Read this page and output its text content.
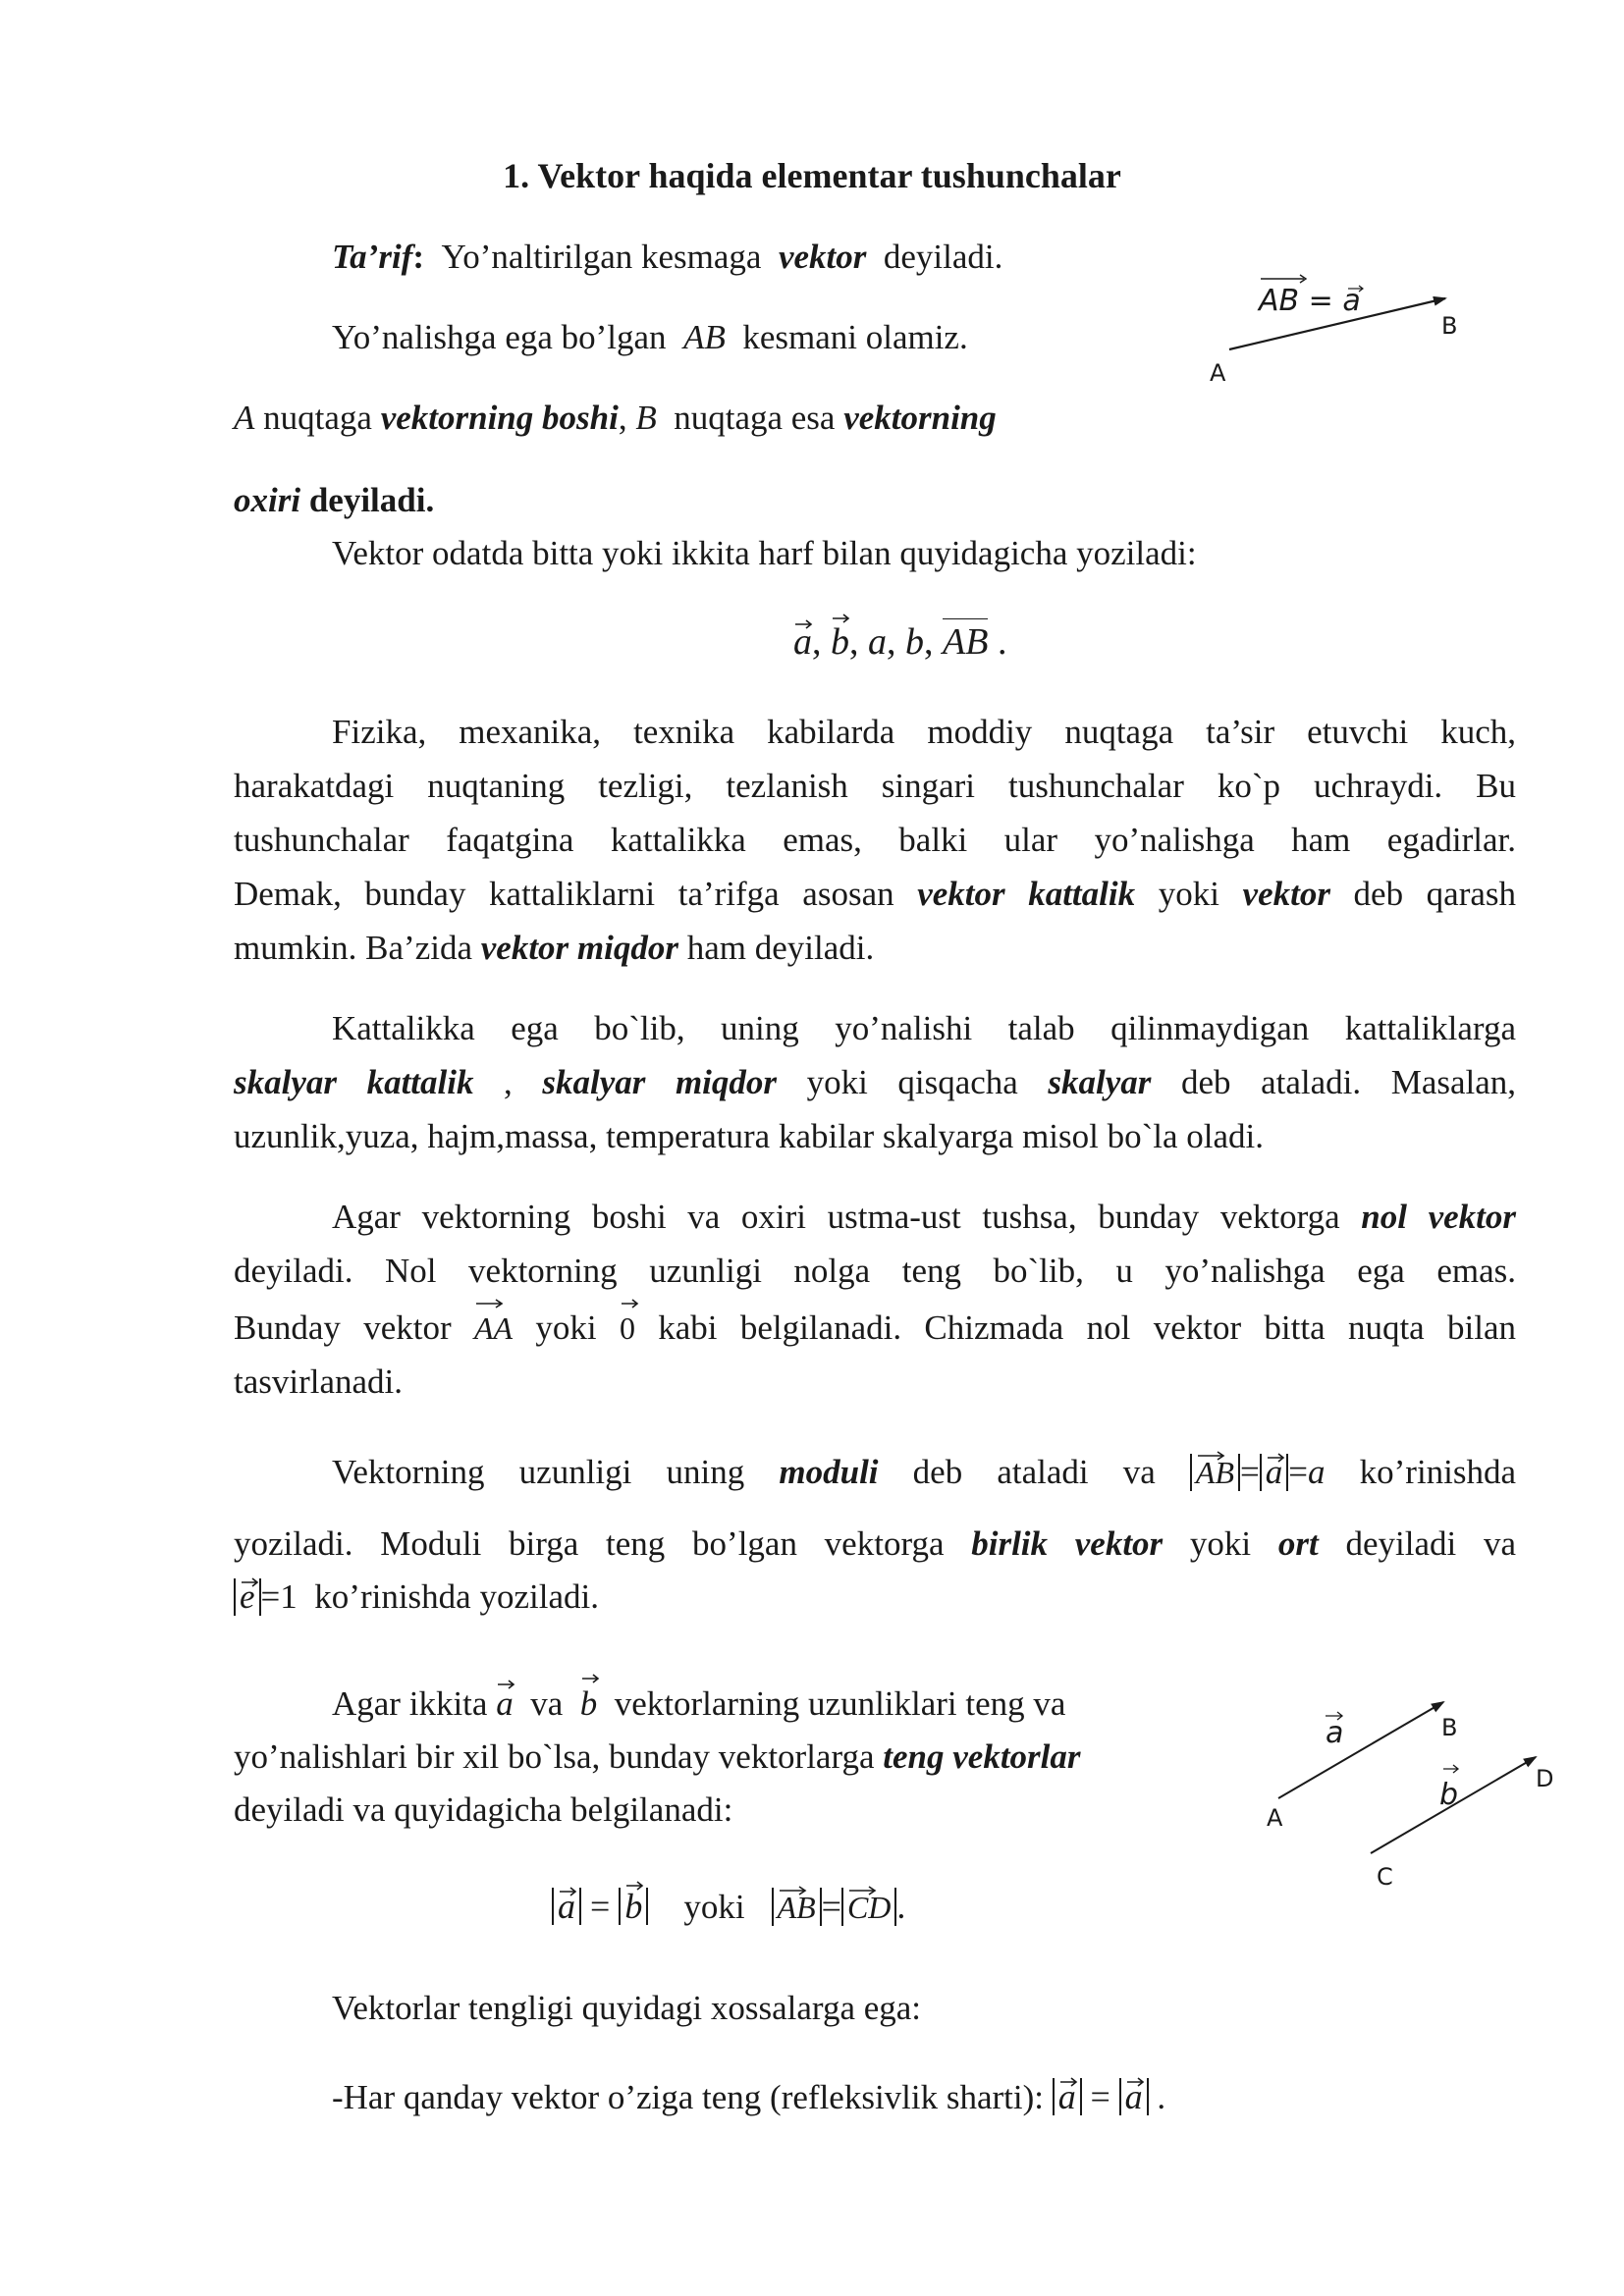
1. Vektor haqida elementar tushunchalar
Ta’rif: Yo’naltirilgan kesmaga vektor deyiladi.
Yo’nalishga ega bo’lgan AB kesmani olamiz.
A nuqtaga vektorning boshi, B nuqtaga esa vektorning
oxiri deyiladi.
Vektor odatda bitta yoki ikkita harf bilan quyidagicha yoziladi:
AB = a
A
B
a
, b
, a, b, AB .
Fizika, mexanika, texnika kabilarda moddiy nuqtaga ta’sir etuvchi kuch,
harakatdagi nuqtaning tezligi, tezlanish singari tushunchalar ko`p uchraydi. Bu
tushunchalar faqatgina kattalikka emas, balki ular yo’nalishga ham egadirlar.
Demak, bunday kattaliklarni ta’rifga asosan vektor kattalik yoki vektor deb qarash
mumkin. Ba’zida vektor miqdor ham deyiladi.
Kattalikka ega bo`lib, uning yo’nalishi talab qilinmaydigan kattaliklarga
skalyar kattalik , skalyar miqdor yoki qisqacha skalyar deb ataladi. Masalan,
uzunlik,yuza, hajm,massa, temperatura kabilar skalyarga misol bo`la oladi.
Agar vektorning boshi va oxiri ustma-ust tushsa, bunday vektorga nol vektor
deyiladi. Nol vektorning uzunligi nolga teng bo`lib, u yo’nalishga ega emas.
Bunday vektor AA yoki 0 kabi belgilanadi. Chizmada nol vektor bitta nuqta bilan
tasvirlanadi.
Vektorning uzunligi uning moduli deb ataladi va AB = a =a ko’rinishda
yoziladi. Moduli birga teng bo’lgan vektorga birlik vektor yoki ort deyiladi va
e =1 ko’rinishda yoziladi.
Agar ikkita a va b vektorlarning uzunliklari teng va
yo’nalishlari bir xil bo`lsa, bunday vektorlarga teng vektorlar
deyiladi va quyidagicha belgilanadi:
a = b yoki AB = CD .
a
b
A
B
C
D
Vektorlar tengligi quyidagi xossalarga ega:
-Har qanday vektor o’ziga teng (refleksivlik sharti): a = a .
